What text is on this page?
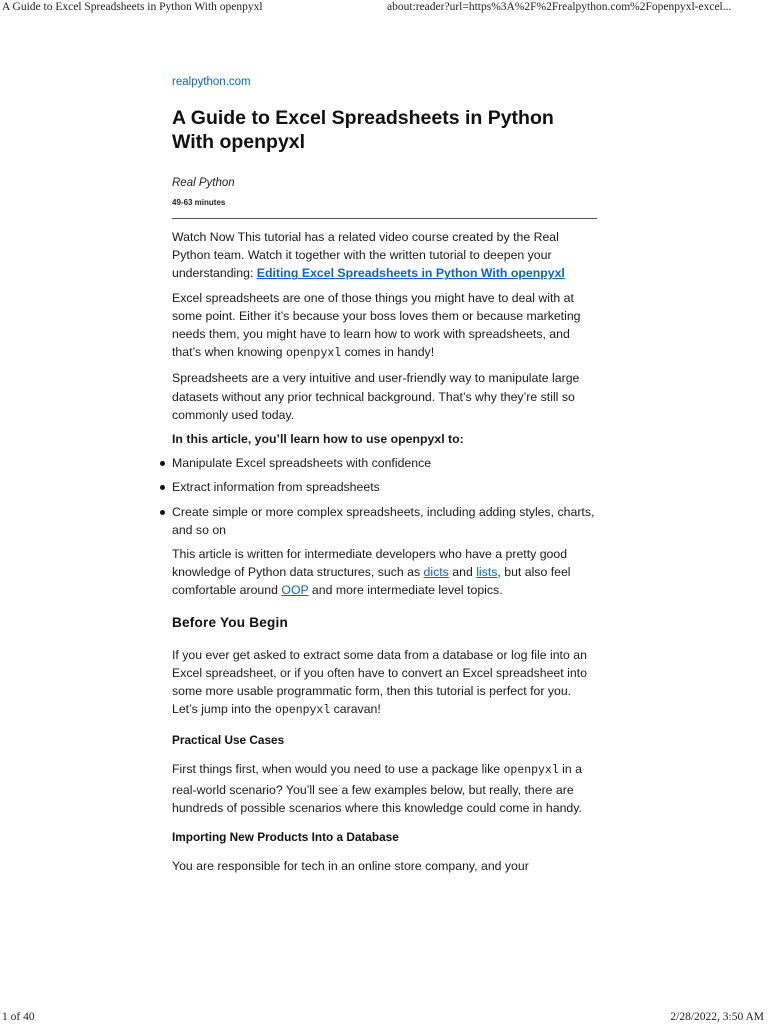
A Guide to Excel Spreadsheets in Python With openpyxl	about:reader?url=https%3A%2F%2Frealpython.com%2Fopenpyxl-excel...
realpython.com
A Guide to Excel Spreadsheets in Python With openpyxl
Real Python
49-63 minutes

Watch Now This tutorial has a related video course created by the Real Python team. Watch it together with the written tutorial to deepen your understanding: Editing Excel Spreadsheets in Python With openpyxl

Excel spreadsheets are one of those things you might have to deal with at some point. Either it’s because your boss loves them or because marketing needs them, you might have to learn how to work with spreadsheets, and that’s when knowing openpyxl comes in handy!

Spreadsheets are a very intuitive and user-friendly way to manipulate large datasets without any prior technical background. That’s why they’re still so commonly used today.

In this article, you’ll learn how to use openpyxl to:

Manipulate Excel spreadsheets with confidence
Extract information from spreadsheets
Create simple or more complex spreadsheets, including adding styles, charts, and so on

This article is written for intermediate developers who have a pretty good knowledge of Python data structures, such as dicts and lists, but also feel comfortable around OOP and more intermediate level topics.

Before You Begin

If you ever get asked to extract some data from a database or log file into an Excel spreadsheet, or if you often have to convert an Excel spreadsheet into some more usable programmatic form, then this tutorial is perfect for you. Let’s jump into the openpyxl caravan!

Practical Use Cases

First things first, when would you need to use a package like openpyxl in a real-world scenario? You’ll see a few examples below, but really, there are hundreds of possible scenarios where this knowledge could come in handy.

Importing New Products Into a Database

You are responsible for tech in an online store company, and your

1 of 40	2/28/2022, 3:50 AM
